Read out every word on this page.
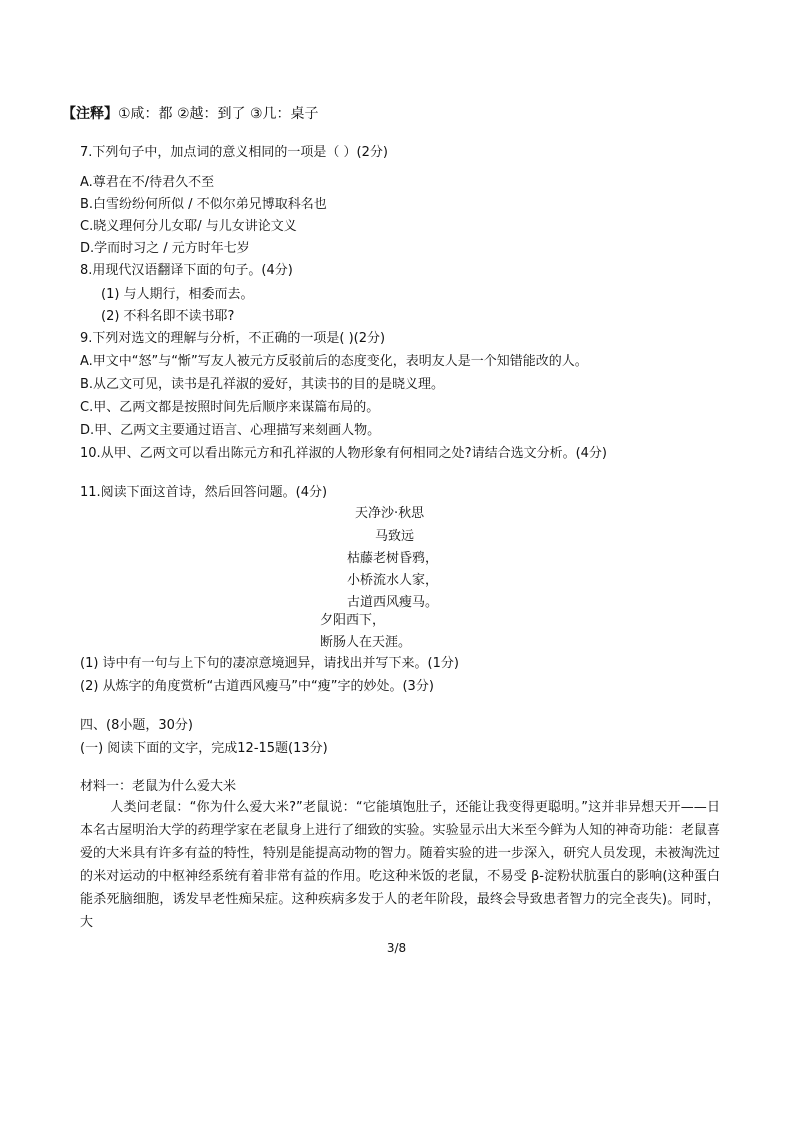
【注释】①咸：都 ②越：到了 ③几：桌子
7.下列句子中，加点词的意义相同的一项是（ ）(2分)
A.尊君在不/待君久不至
B.白雪纷纷何所似 / 不似尔弟兄博取科名也
C.晓义理何分儿女耶/ 与儿女讲论文义
D.学而时习之 / 元方时年七岁
8.用现代汉语翻译下面的句子。(4分)
(1) 与人期行，相委而去。
(2) 不科名即不读书耶?
9.下列对选文的理解与分析，不正确的一项是( )(2分)
A.甲文中“怒”与“惭”写友人被元方反驳前后的态度变化，表明友人是一个知错能改的人。
B.从乙文可见，读书是孔祥淑的爱好，其读书的目的是晓义理。
C.甲、乙两文都是按照时间先后顺序来谋篇布局的。
D.甲、乙两文主要通过语言、心理描写来刻画人物。
10.从甲、乙两文可以看出陈元方和孔祥淑的人物形象有何相同之处?请结合选文分析。(4分)
11.阅读下面这首诗，然后回答问题。(4分)
天净沙·秋思
马致远
枯藤老树昏鸦，
小桥流水人家，
古道西风瘦马。
夕阳西下，
断肠人在天涯。
(1) 诗中有一句与上下句的凄凉意境迥异，请找出并写下来。(1分)
(2) 从炼字的角度赏析“古道西风瘦马”中“瘦”字的妙处。(3分)
四、(8小题，30分)
(一) 阅读下面的文字，完成12-15题(13分)
材料一：老鼠为什么爱大米
人类问老鼠：“你为什么爱大米?”老鼠说：“它能填饱肚子，还能让我变得更聪明。”这并非异想天开——日本名古屋明治大学的药理学家在老鼠身上进行了细致的实验。实验显示出大米至今鲜为人知的神奇功能：老鼠喜爱的大米具有许多有益的特性，特别是能提高动物的智力。随着实验的进一步深入，研究人员发现，未被淘洗过的米对运动的中枢神经系统有着非常有益的作用。吃这种米饭的老鼠，不易受 β-淀粉状肮蛋白的影响(这种蛋白能杀死脑细胞，诱发早老性痴呆症。这种疾病多发于人的老年阶段，最终会导致患者智力的完全丧失)。同时，大
3/8
